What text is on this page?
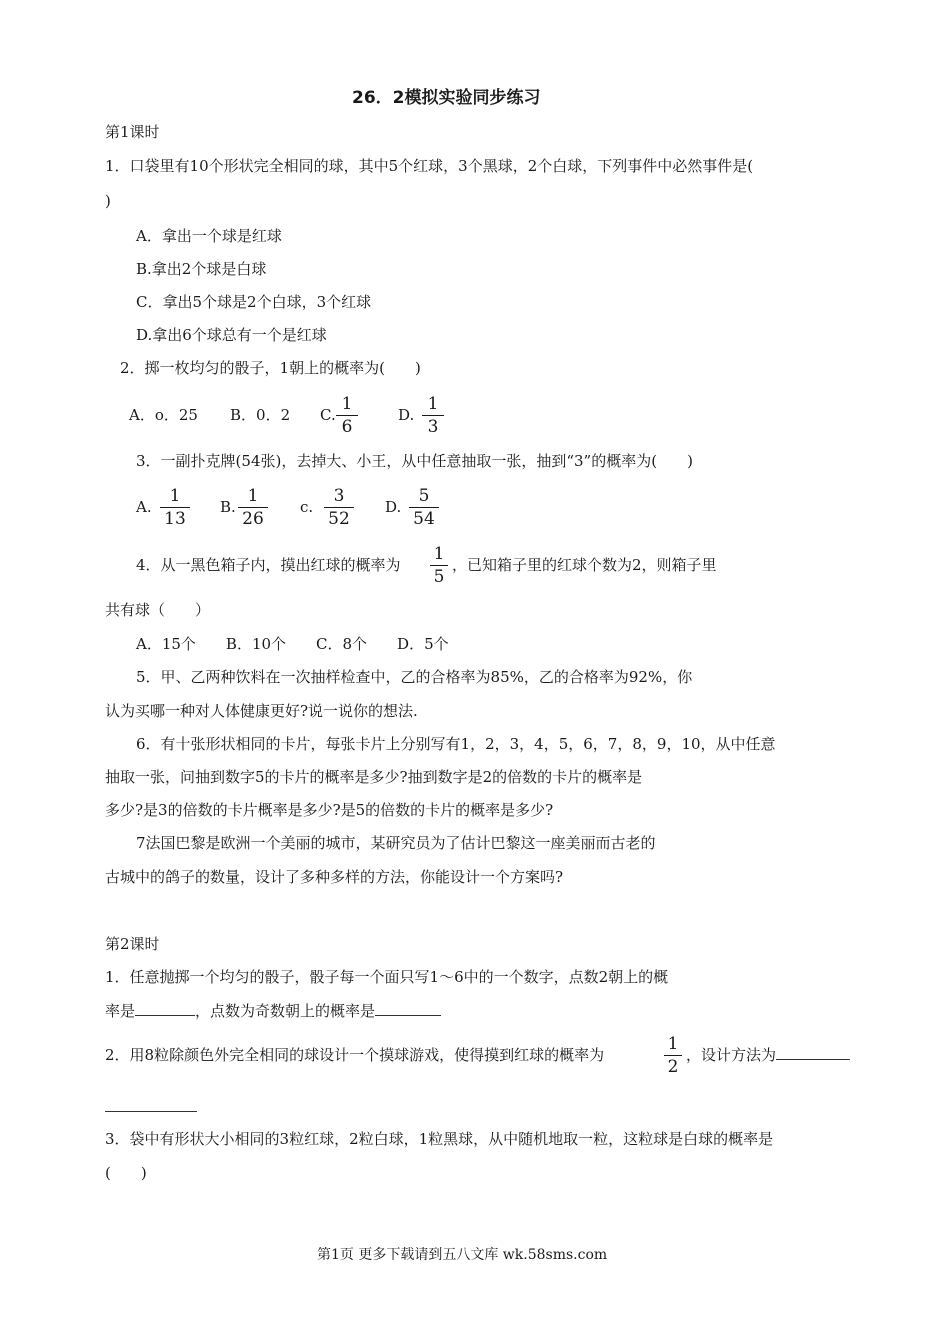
26．2模拟实验同步练习
第1课时
1．口袋里有10个形状完全相同的球，其中5个红球，3个黑球，2个白球，下列事件中必然事件是(
)
A．拿出一个球是红球
B.拿出2个球是白球
C．拿出5个球是2个白球，3个红球
D.拿出6个球总有一个是红球
2．掷一枚均匀的骰子，1朝上的概率为(　　)
A．o．25 B．0．2 C.
1
6
D.
1
3
3．一副扑克牌(54张)，去掉大、小王，从中任意抽取一张，抽到“3”的概率为(　　)
A.
1
13
B.
1
26
c.
3
52
D.
5
54
4．从一黑色箱子内，摸出红球的概率为
1
5
，已知箱子里的红球个数为2，则箱子里
共有球（　　）
A．15个　　B．10个　　C．8个　　D．5个
5．甲、乙两种饮料在一次抽样检查中，乙的合格率为85%，乙的合格率为92%，你
认为买哪一种对人体健康更好?说一说你的想法.
6．有十张形状相同的卡片，每张卡片上分别写有1，2，3，4，5，6，7，8，9，10，从中任意
抽取一张，问抽到数字5的卡片的概率是多少?抽到数字是2的倍数的卡片的概率是
多少?是3的倍数的卡片概率是多少?是5的倍数的卡片的概率是多少?
7法国巴黎是欧洲一个美丽的城市，某研究员为了估计巴黎这一座美丽而古老的
古城中的鸽子的数量，设计了多种多样的方法，你能设计一个方案吗?
第2课时
1．任意抛掷一个均匀的骰子，骰子每一个面只写1～6中的一个数字，点数2朝上的概
率是	，点数为奇数朝上的概率是
2．用8粒除颜色外完全相同的球设计一个摸球游戏，使得摸到红球的概率为
1
2
，设计方法为
3．袋中有形状大小相同的3粒红球，2粒白球，1粒黑球，从中随机地取一粒，这粒球是白球的概率是
(　　)
第1页 更多下载请到五八文库 wk.58sms.com
